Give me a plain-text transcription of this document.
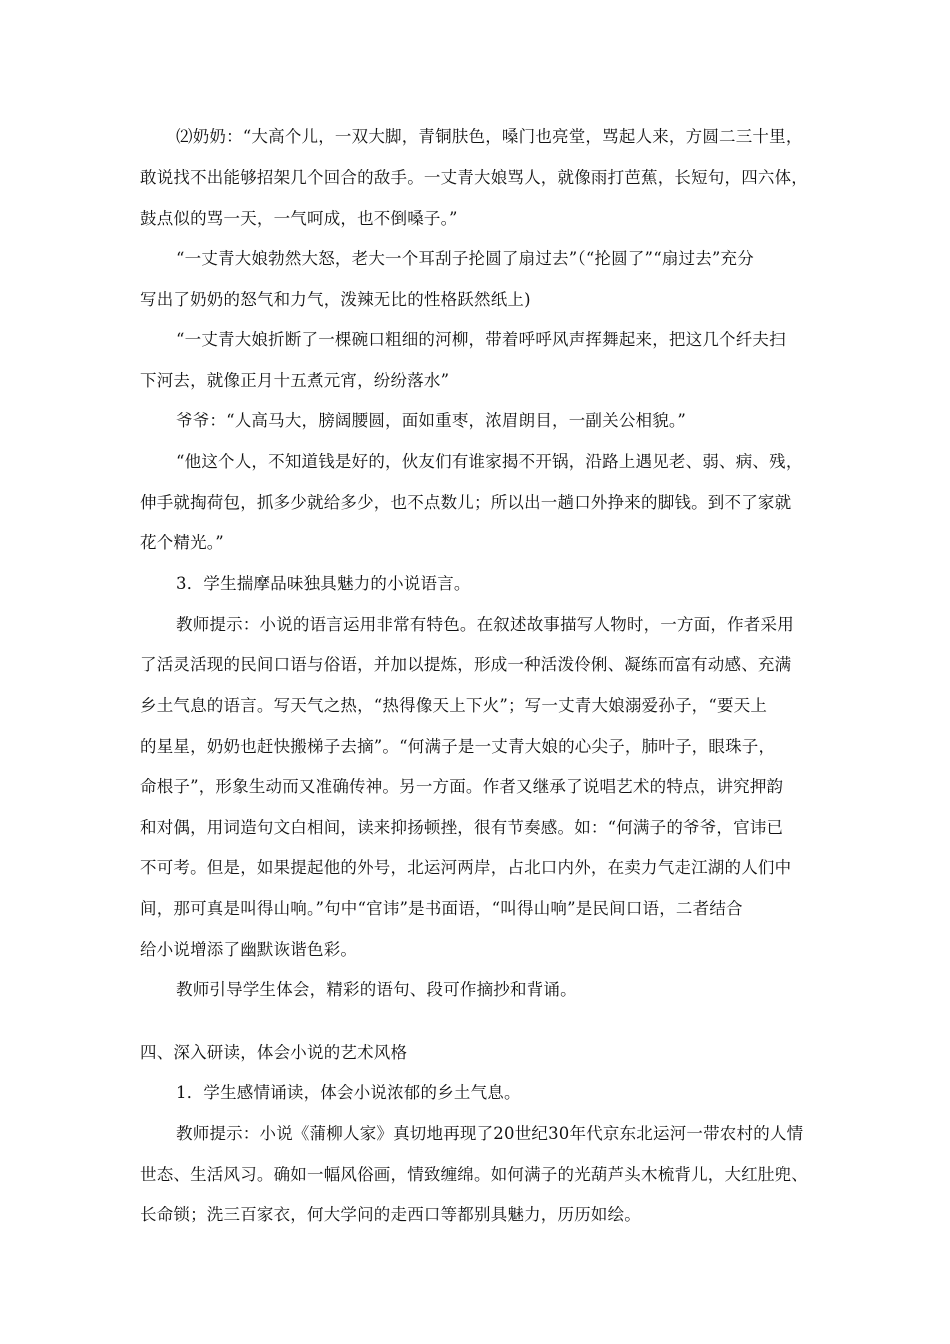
⑵奶奶：“大高个儿，一双大脚，青铜肤色，嗓门也亮堂，骂起人来，方圆二三十里，
敢说找不出能够招架几个回合的敌手。一丈青大娘骂人，就像雨打芭蕉，长短句，四六体，
鼓点似的骂一天，一气呵成，也不倒嗓子。”
“一丈青大娘勃然大怒，老大一个耳刮子抡圆了扇过去”（“抡圆了”“扇过去”充分
写出了奶奶的怒气和力气，泼辣无比的性格跃然纸上)
“一丈青大娘折断了一棵碗口粗细的河柳，带着呼呼风声挥舞起来，把这几个纤夫扫
下河去，就像正月十五煮元宵，纷纷落水”
爷爷：“人高马大，膀阔腰圆，面如重枣，浓眉朗目，一副关公相貌。”
“他这个人，不知道钱是好的，伙友们有谁家揭不开锅，沿路上遇见老、弱、病、残，
伸手就掏荷包，抓多少就给多少，也不点数儿；所以出一趟口外挣来的脚钱。到不了家就
花个精光。”
3．学生揣摩品味独具魅力的小说语言。
教师提示：小说的语言运用非常有特色。在叙述故事描写人物时，一方面，作者采用
了活灵活现的民间口语与俗语，并加以提炼，形成一种活泼伶俐、凝练而富有动感、充满
乡土气息的语言。写天气之热，“热得像天上下火”；写一丈青大娘溺爱孙子，“要天上
的星星，奶奶也赶快搬梯子去摘”。“何满子是一丈青大娘的心尖子，肺叶子，眼珠子，
命根子”，形象生动而又准确传神。另一方面。作者又继承了说唱艺术的特点，讲究押韵
和对偶，用词造句文白相间，读来抑扬顿挫，很有节奏感。如：“何满子的爷爷，官讳已
不可考。但是，如果提起他的外号，北运河两岸，占北口内外，在卖力气走江湖的人们中
间，那可真是叫得山响。”句中“官讳”是书面语，“叫得山响”是民间口语，二者结合
给小说增添了幽默诙谐色彩。
教师引导学生体会，精彩的语句、段可作摘抄和背诵。
四、深入研读，体会小说的艺术风格
1．学生感情诵读，体会小说浓郁的乡土气息。
教师提示：小说《蒲柳人家》真切地再现了20世纪30年代京东北运河一带农村的人情
世态、生活风习。确如一幅风俗画，情致缠绵。如何满子的光葫芦头木梳背儿，大红肚兜、
长命锁；洗三百家衣，何大学问的走西口等都别具魅力，历历如绘。
